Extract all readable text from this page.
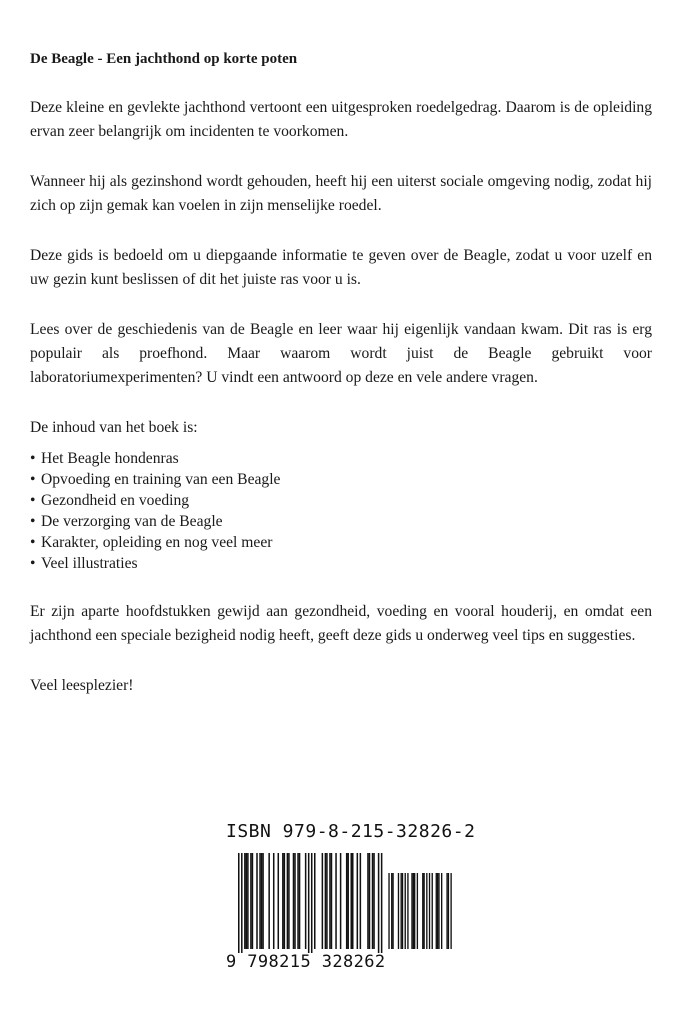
De Beagle - Een jachthond op korte poten

Deze kleine en gevlekte jachthond vertoont een uitgesproken roedelgedrag. Daarom is de opleiding ervan zeer belangrijk om incidenten te voorkomen.

Wanneer hij als gezinshond wordt gehouden, heeft hij een uiterst sociale omgeving nodig, zodat hij zich op zijn gemak kan voelen in zijn menselijke roedel.

Deze gids is bedoeld om u diepgaande informatie te geven over de Beagle, zodat u voor uzelf en uw gezin kunt beslissen of dit het juiste ras voor u is.

Lees over de geschiedenis van de Beagle en leer waar hij eigenlijk vandaan kwam. Dit ras is erg populair als proefhond. Maar waarom wordt juist de Beagle gebruikt voor laboratoriumexperimenten? U vindt een antwoord op deze en vele andere vragen.

De inhoud van het boek is:

• Het Beagle hondenras
• Opvoeding en training van een Beagle
• Gezondheid en voeding
• De verzorging van de Beagle
• Karakter, opleiding en nog veel meer
• Veel illustraties

Er zijn aparte hoofdstukken gewijd aan gezondheid, voeding en vooral houderij, en omdat een jachthond een speciale bezigheid nodig heeft, geeft deze gids u onderweg veel tips en suggesties.

Veel leesplezier!

ISBN 979-8-215-32826-2
9 798215 328262
